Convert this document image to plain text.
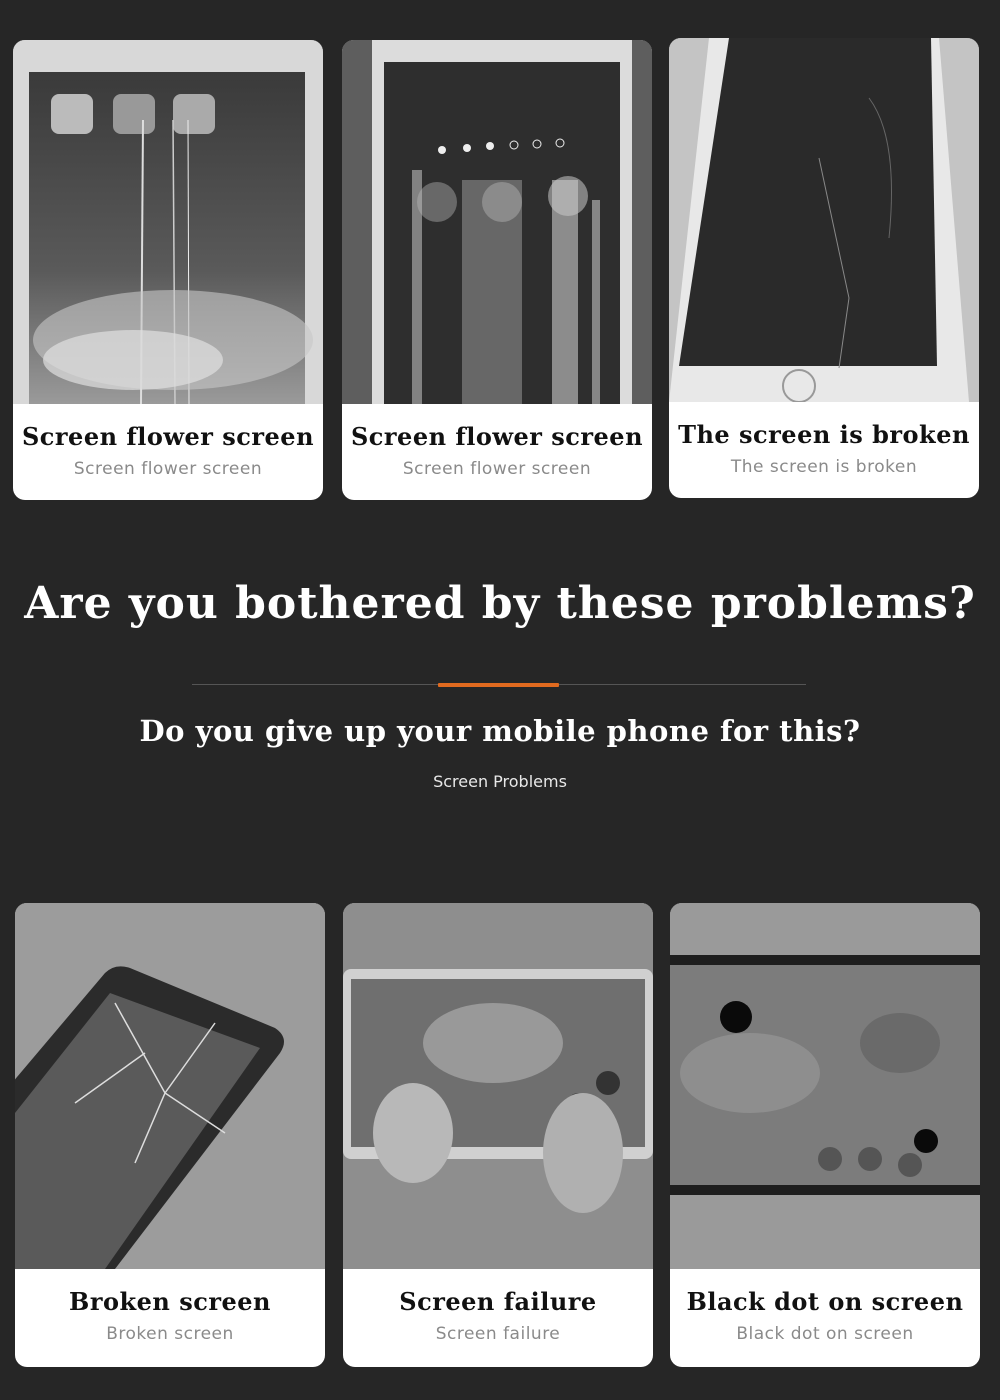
Screen flower screen
Screen flower screen
Screen flower screen
Screen flower screen
The screen is broken
The screen is broken
Are you bothered by these problems?
Do you give up your mobile phone for this?
Screen Problems
Broken screen
Broken screen
Screen failure
Screen failure
Black dot on screen
Black dot on screen
